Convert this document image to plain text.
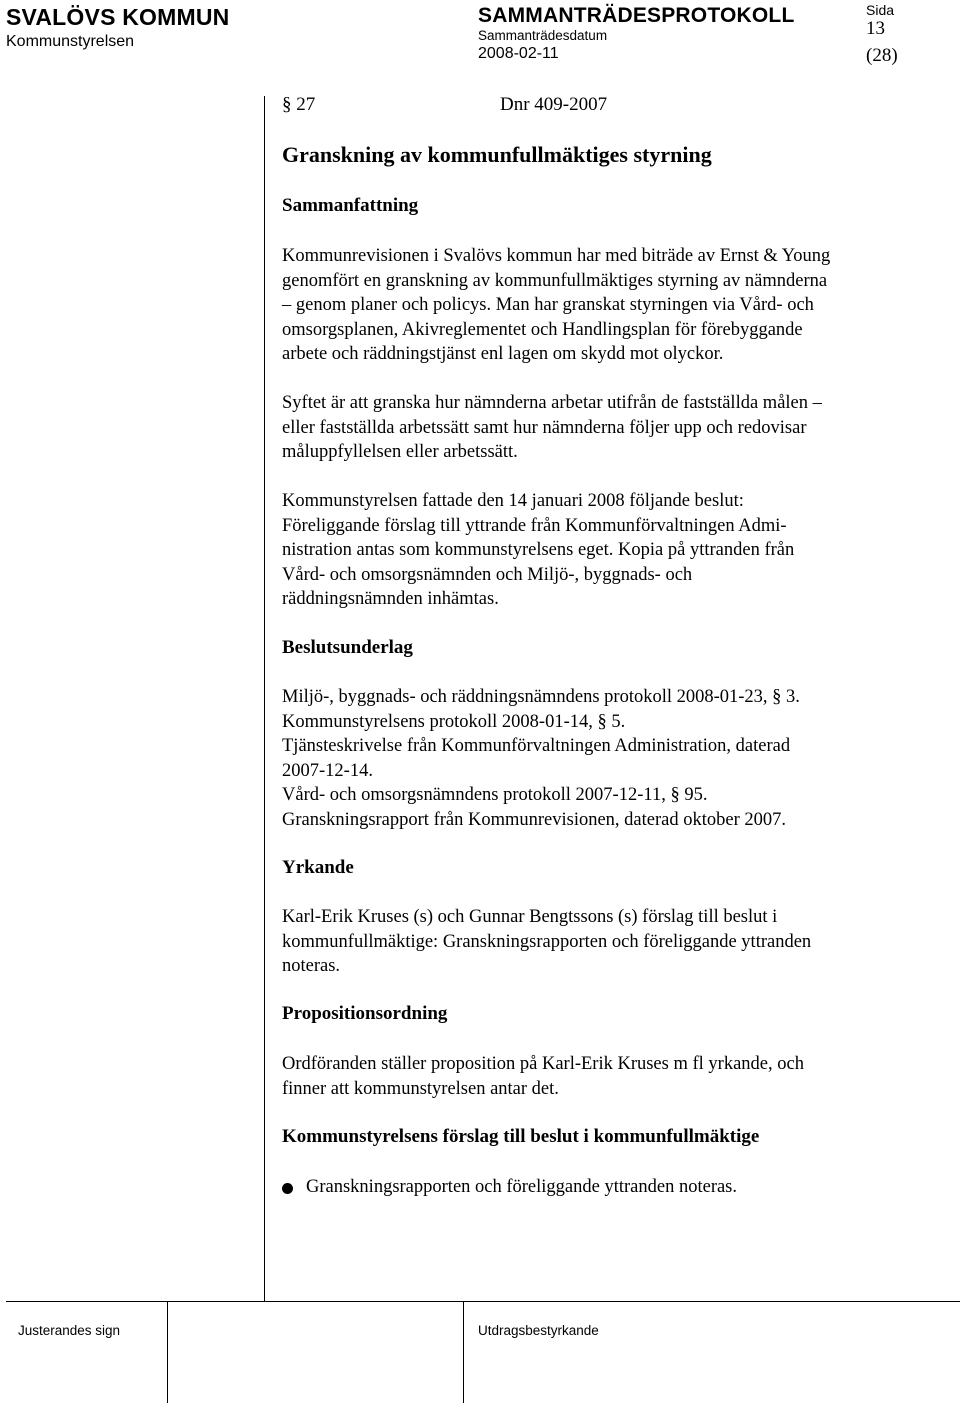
SVALÖVS KOMMUN
Kommunstyrelsen
SAMMANTRÄDESPROTOKOLL
Sammanträdesdatum
2008-02-11
Sida
13
(28)
§ 27	Dnr 409-2007
Granskning av kommunfullmäktiges styrning
Sammanfattning
Kommunrevisionen i Svalövs kommun har med biträde av Ernst & Young
genomfört en granskning av kommunfullmäktiges styrning av nämnderna
– genom planer och policys. Man har granskat styrningen via Vård- och
omsorgsplanen, Akivreglementet och Handlingsplan för förebyggande
arbete och räddningstjänst enl lagen om skydd mot olyckor.
Syftet är att granska hur nämnderna arbetar utifrån de fastställda målen –
eller fastställda arbetssätt samt hur nämnderna följer upp och redovisar
måluppfyllelsen eller arbetssätt.
Kommunstyrelsen fattade den 14 januari 2008 följande beslut:
Föreliggande förslag till yttrande från Kommunförvaltningen Admi-
nistration antas som kommunstyrelsens eget. Kopia på yttranden från
Vård- och omsorgsnämnden och Miljö-, byggnads- och
räddningsnämnden inhämtas.
Beslutsunderlag
Miljö-, byggnads- och räddningsnämndens protokoll 2008-01-23, § 3.
Kommunstyrelsens protokoll 2008-01-14, § 5.
Tjänsteskrivelse från Kommunförvaltningen Administration, daterad
2007-12-14.
Vård- och omsorgsnämndens protokoll 2007-12-11, § 95.
Granskningsrapport från Kommunrevisionen, daterad oktober 2007.
Yrkande
Karl-Erik Kruses (s) och Gunnar Bengtssons (s) förslag till beslut i
kommunfullmäktige: Granskningsrapporten och föreliggande yttranden
noteras.
Propositionsordning
Ordföranden ställer proposition på Karl-Erik Kruses m fl yrkande, och
finner att kommunstyrelsen antar det.
Kommunstyrelsens förslag till beslut i kommunfullmäktige
Granskningsrapporten och föreliggande yttranden noteras.
Justerandes sign	Utdragsbestyrkande
